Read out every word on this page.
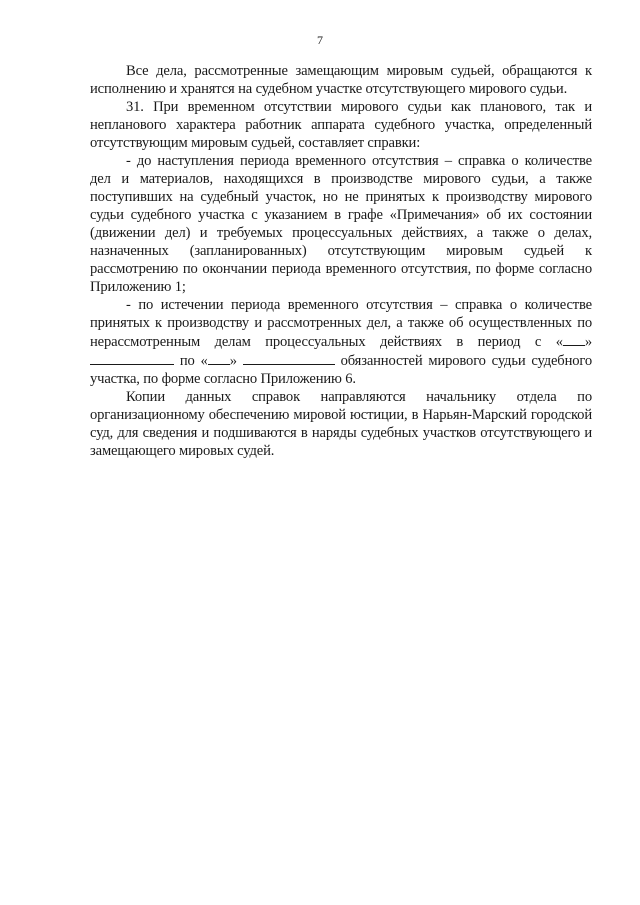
7

Все дела, рассмотренные замещающим мировым судьей, обращаются к исполнению и хранятся на судебном участке отсутствующего мирового судьи.

31. При временном отсутствии мирового судьи как планового, так и непланового характера работник аппарата судебного участка, определенный отсутствующим мировым судьей, составляет справки:

- до наступления периода временного отсутствия – справка о количестве дел и материалов, находящихся в производстве мирового судьи, а также поступивших на судебный участок, но не принятых к производству мирового судьи судебного участка с указанием в графе «Примечания» об их состоянии (движении дел) и требуемых процессуальных действиях, а также о делах, назначенных (запланированных) отсутствующим мировым судьей к рассмотрению по окончании периода временного отсутствия, по форме согласно Приложению 1;

- по истечении периода временного отсутствия – справка о количестве принятых к производству и рассмотренных дел, а также об осуществленных по нерассмотренным делам процессуальных действиях в период с « »  по « »	обязанностей мирового судьи судебного участка, по форме согласно Приложению 6.

Копии данных справок направляются начальнику отдела по организационному обеспечению мировой юстиции, в Нарьян-Марский городской суд, для сведения и подшиваются в наряды судебных участков отсутствующего и замещающего мировых судей.
